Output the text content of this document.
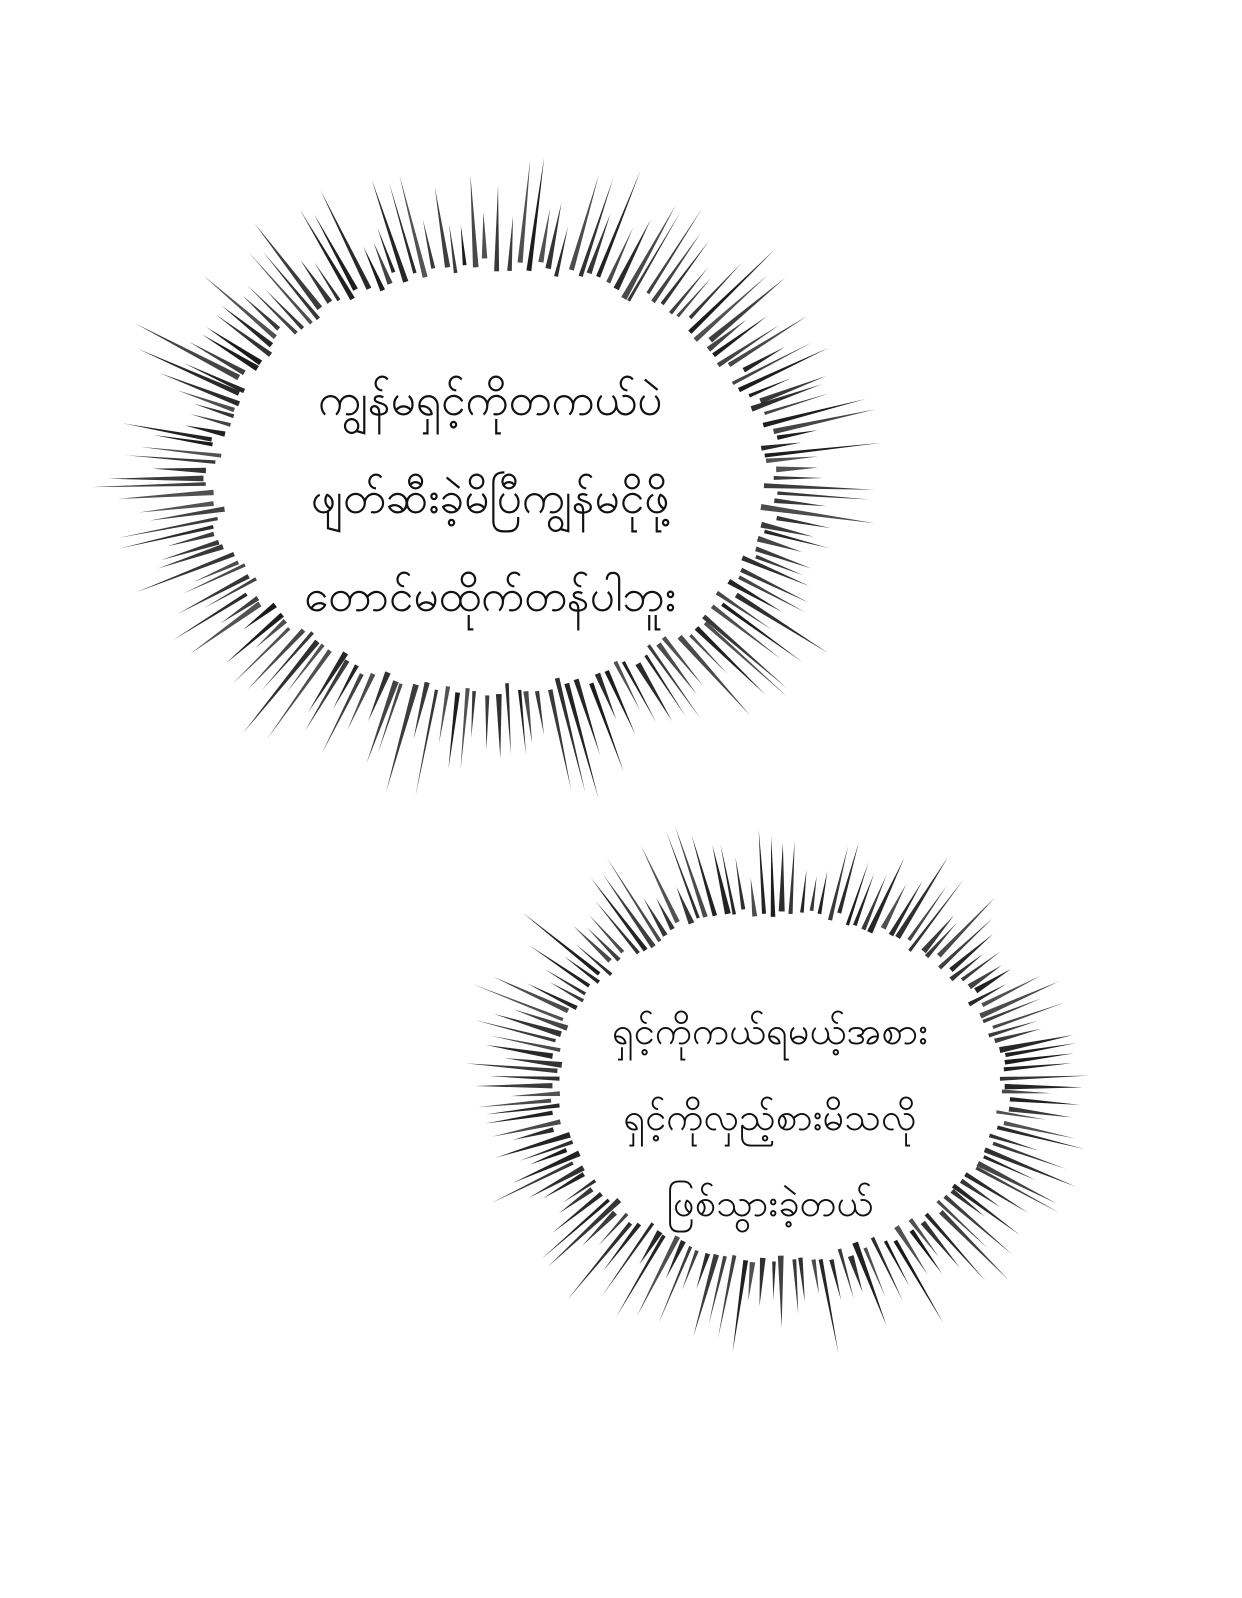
ကျွန်မရှင့်ကိုတကယ်ပဲ
ဖျတ်ဆီးခဲ့မိပြီကျွန်မငိုဖို့
တောင်မထိုက်တန်ပါဘူး
ရှင့်ကိုကယ်ရမယ့်အစား
ရှင့်ကိုလှည့်စားမိသလို
ဖြစ်သွားခဲ့တယ်
